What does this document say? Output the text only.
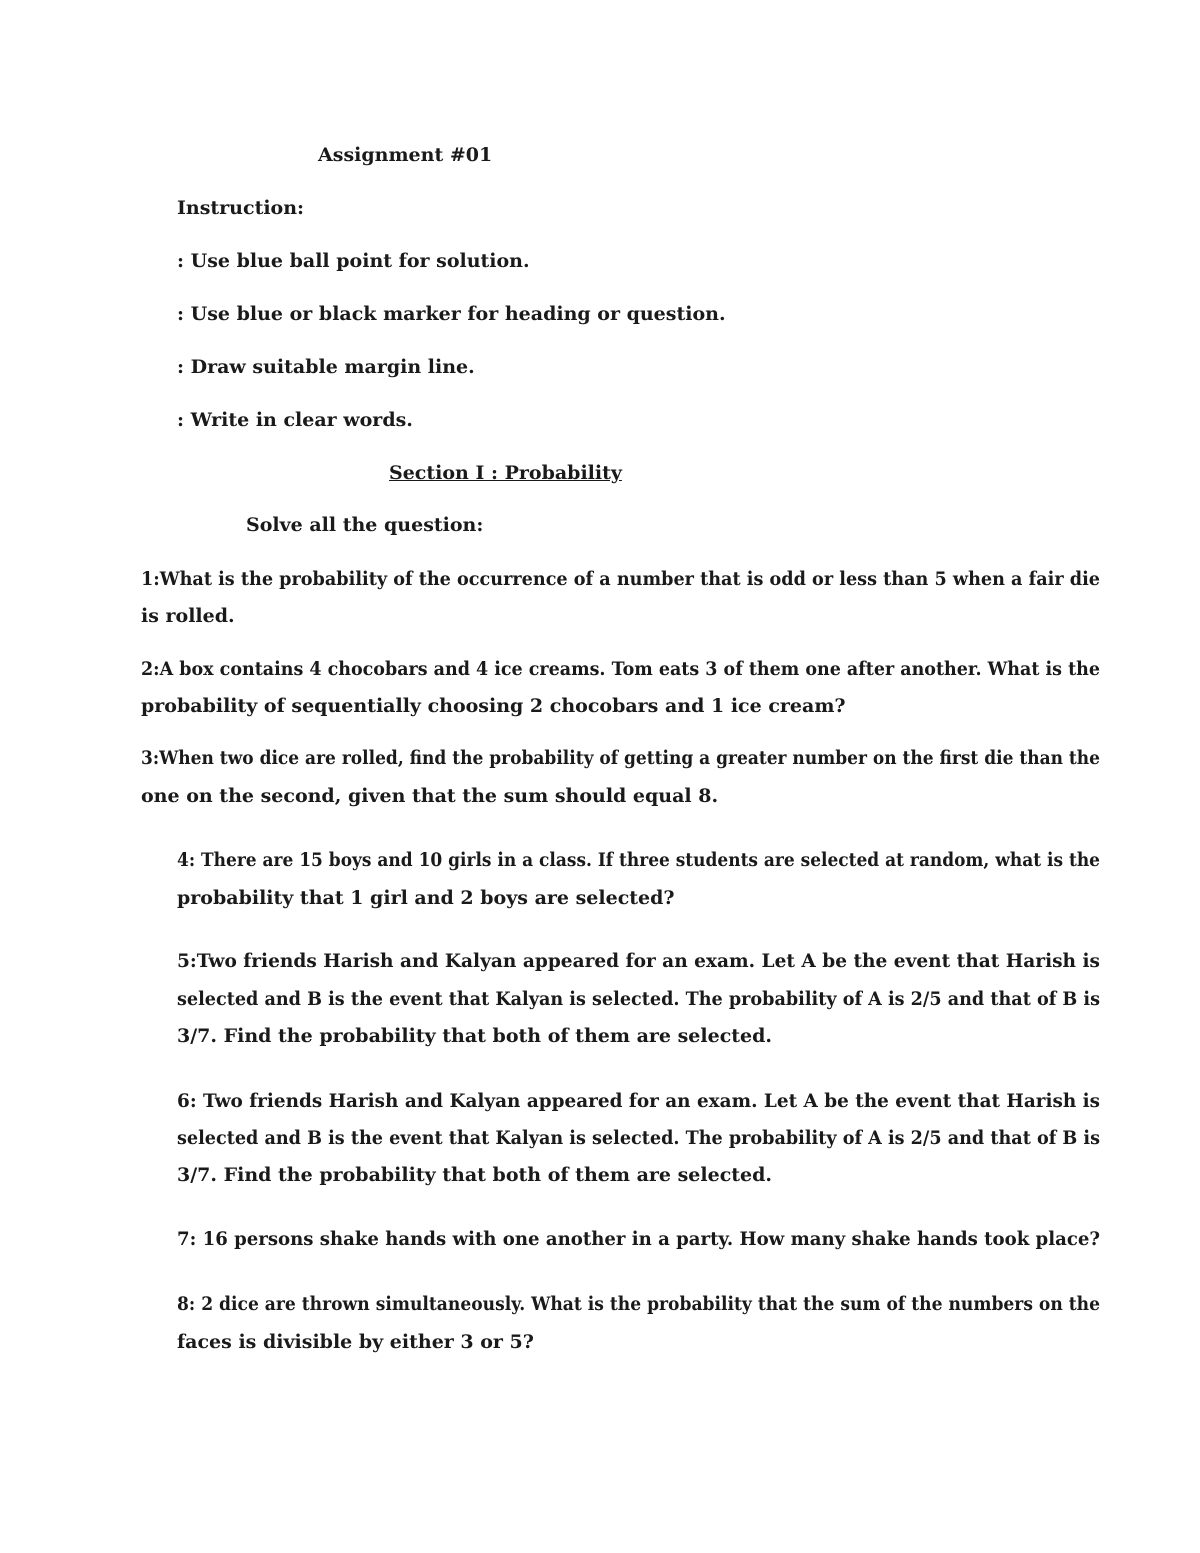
Assignment #01
Instruction:
: Use blue ball point for solution.
: Use blue or black marker for heading or question.
: Draw suitable margin line.
: Write in clear words.
Section I : Probability
Solve all the question:
1:What is the probability of the occurrence of a number that is odd or less than 5 when a fair die
is rolled.
2:A box contains 4 chocobars and 4 ice creams. Tom eats 3 of them one after another. What is the
probability of sequentially choosing 2 chocobars and 1 ice cream?
3:When two dice are rolled, find the probability of getting a greater number on the first die than the
one on the second, given that the sum should equal 8.
4: There are 15 boys and 10 girls in a class. If three students are selected at random, what is the
probability that 1 girl and 2 boys are selected?
5:Two friends Harish and Kalyan appeared for an exam. Let A be the event that Harish is
selected and B is the event that Kalyan is selected. The probability of A is 2/5 and that of B is
3/7. Find the probability that both of them are selected.
6: Two friends Harish and Kalyan appeared for an exam. Let A be the event that Harish is
selected and B is the event that Kalyan is selected. The probability of A is 2/5 and that of B is
3/7. Find the probability that both of them are selected.
7: 16 persons shake hands with one another in a party. How many shake hands took place?
8: 2 dice are thrown simultaneously. What is the probability that the sum of the numbers on the
faces is divisible by either 3 or 5?
